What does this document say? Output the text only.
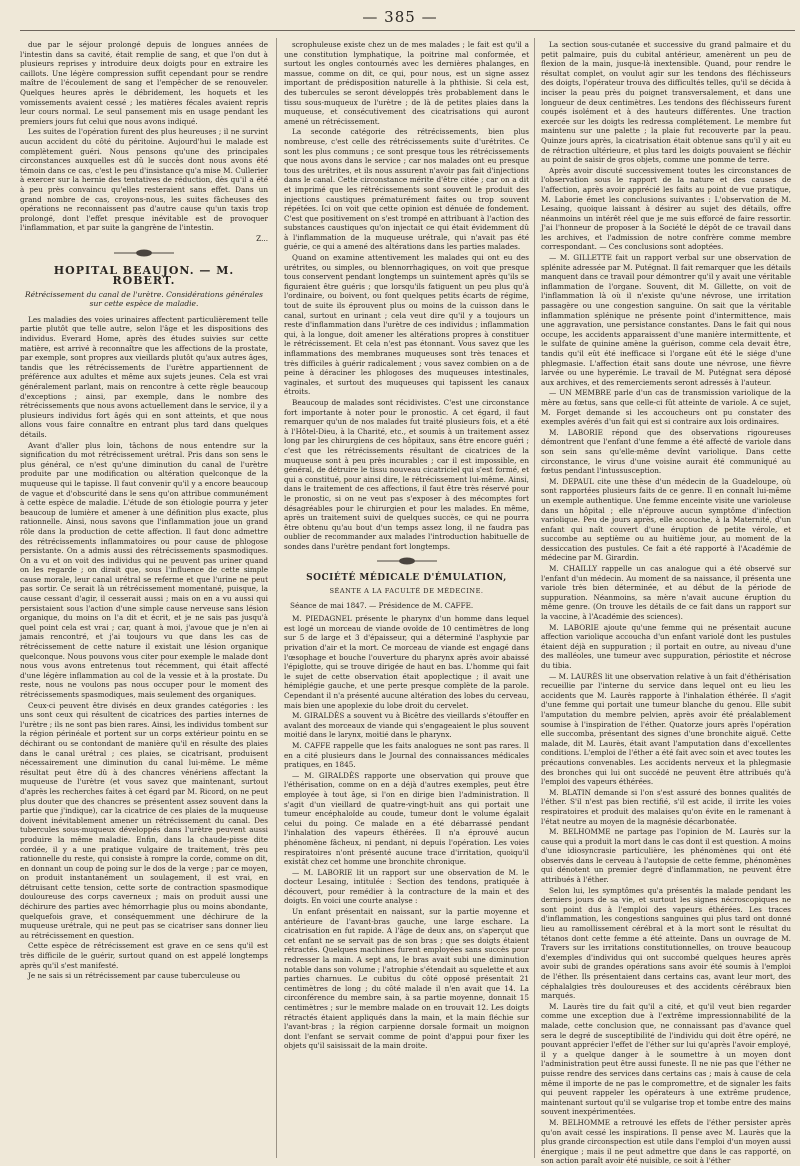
— 385 —

due par le séjour prolongé depuis de longues années de l'intestin dans sa cavité, était remplie de sang, et que l'on dut à plusieurs reprises y introduire deux doigts pour en extraire les caillots. Une légère compression suffit cependant pour se rendre maître de l'écoulement de sang et l'empêcher de se renouveler. Quelques heures après le débridement, les hoquets et les vomissements avaient cessé ; les matières fécales avaient repris leur cours normal. Le seul pansement mis en usage pendant les premiers jours fut celui que nous avons indiqué.

Les suites de l'opération furent des plus heureuses ; il ne survint aucun accident du côté du péritoine. Aujourd'hui le malade est complètement guéri. Nous pensons qu'une des principales circonstances auxquelles est dû le succès dont nous avons été témoin dans ce cas, c'est le peu d'insistance qu'a mise M. Cullerier à exercer sur la hernie des tentatives de réduction, dès qu'il a été à peu près convaincu qu'elles resteraient sans effet. Dans un grand nombre de cas, croyons-nous, les suites fâcheuses des opérations ne reconnaissent pas d'autre cause qu'un taxis trop prolongé, dont l'effet presque inévitable est de provoquer l'inflammation, et par suite la gangrène de l'intestin.

Z...

HOPITAL BEAUJON. — M. ROBERT.

Rétrécissement du canal de l'urètre. Considérations générales sur cette espèce de maladie.

Les maladies des voies urinaires affectent particulièrement telle partie plutôt que telle autre, selon l'âge et les dispositions des individus. Everard Home, après des études suivies sur cette matière, est arrivé à reconnaître que les affections de la prostate, par exemple, sont propres aux vieillards plutôt qu'aux autres âges, tandis que les rétrécissements de l'urètre appartiennent de préférence aux adultes et même aux sujets jeunes. Cela est vrai généralement parlant, mais on rencontre à cette règle beaucoup d'exceptions ; ainsi, par exemple, dans le nombre des rétrécissements que nous avons actuellement dans le service, il y a plusieurs individus fort âgés qui en sont atteints, et que nous allons vous faire connaître en entrant plus tard dans quelques détails.

Avant d'aller plus loin, tâchons de nous entendre sur la signification du mot rétrécissement urétral. Pris dans son sens le plus général, ce n'est qu'une diminution du canal de l'urètre produite par une modification ou altération quelconque de la muqueuse qui le tapisse. Il faut convenir qu'il y a encore beaucoup de vague et d'obscurité dans le sens qu'on attribue communément à cette espèce de maladie. L'étude de son étiologie pourra y jeter beaucoup de lumière et amener à une définition plus exacte, plus rationnelle. Ainsi, nous savons que l'inflammation joue un grand rôle dans la production de cette affection. Il faut donc admettre des rétrécissements inflammatoires ou pour cause de phlogose persistante. On a admis aussi des rétrécissements spasmodiques. On a vu et on voit des individus qui ne peuvent pas uriner quand on les regarde ; on dirait que, sous l'influence de cette simple cause morale, leur canal urétral se referme et que l'urine ne peut pas sortir. Ce serait là un rétrécissement momentané, puisque, la cause cessant d'agir, il cesserait aussi ; mais on en a vu aussi qui persistaient sous l'action d'une simple cause nerveuse sans lésion organique, du moins on l'a dit et écrit, et je ne sais pas jusqu'à quel point cela est vrai ; car, quant à moi, j'avoue que je n'en ai jamais rencontré, et j'ai toujours vu que dans les cas de rétrécissement de cette nature il existait une lésion organique quelconque. Nous pouvons vous citer pour exemple le malade dont nous vous avons entretenus tout récemment, qui était affecté d'une légère inflammation au col de la vessie et à la prostate. Du reste, nous ne voulons pas nous occuper pour le moment des rétrécissements spasmodiques, mais seulement des organiques.

Ceux-ci peuvent être divisés en deux grandes catégories : les uns sont ceux qui résultent de cicatrices des parties internes de l'urètre ; ils ne sont pas bien rares. Ainsi, les individus tombent sur la région périnéale et portent sur un corps extérieur pointu en se déchirant ou se contondant de manière qu'il en résulte des plaies dans le canal urétral ; ces plaies, se cicatrisant, produisent nécessairement une diminution du canal lui-même. Le même résultat peut être dû à des chancres vénériens affectant la muqueuse de l'urètre (et vous savez que maintenant, surtout d'après les recherches faites à cet égard par M. Ricord, on ne peut plus douter que des chancres se présentent assez souvent dans la partie que j'indique), car la cicatrice de ces plaies de la muqueuse doivent inévitablement amener un rétrécissement du canal. Des tubercules sous-muqueux développés dans l'urètre peuvent aussi produire la même maladie. Enfin, dans la chaude-pisse dite cordée, il y a une pratique vulgaire de traitement, très peu rationnelle du reste, qui consiste à rompre la corde, comme on dit, en donnant un coup de poing sur le dos de la verge ; par ce moyen, on produit instantanément un soulagement, il est vrai, en détruisant cette tension, cette sorte de contraction spasmodique douloureuse des corps caverneux ; mais on produit aussi une déchirure des parties avec hémorrhagie plus ou moins abondante, quelquefois grave, et conséquemment une déchirure de la muqueuse urétrale, qui ne peut pas se cicatriser sans donner lieu au rétrécissement en question.

Cette espèce de rétrécissement est grave en ce sens qu'il est très difficile de le guérir, surtout quand on est appelé longtemps après qu'il s'est manifesté.

Je ne sais si un rétrécissement par cause tuberculeuse ou

scrophuleuse existe chez un de mes malades ; le fait est qu'il a une constitution lymphatique, la poitrine mal conformée, et surtout les ongles contournés avec les dernières phalanges, en massue, comme on dit, ce qui, pour nous, est un signe assez important de prédisposition naturelle à la phthisie. Si cela est, des tubercules se seront développés très probablement dans le tissu sous-muqueux de l'urètre ; de là de petites plaies dans la muqueuse, et consécutivement des cicatrisations qui auront amené un rétrécissement.

La seconde catégorie des rétrécissements, bien plus nombreuse, c'est celle des rétrécissements suite d'urétrites. Ce sont les plus communs ; ce sont presque tous les rétrécissements que nous avons dans le service ; car nos malades ont eu presque tous des urétrites, et ils nous assurent n'avoir pas fait d'injections dans le canal. Cette circonstance mérite d'être citée ; car on a dit et imprimé que les rétrécissements sont souvent le produit des injections caustiques prématurément faites ou trop souvent répétées. Ici on voit que cette opinion est dénuée de fondement. C'est que positivement on s'est trompé en attribuant à l'action des substances caustiques qu'on injectait ce qui était évidemment dû à l'inflammation de la muqueuse urétrale, qui n'avait pas été guérie, ce qui a amené des altérations dans les parties malades.

Quand on examine attentivement les malades qui ont eu des urétrites, ou simples, ou blennorrhagiques, on voit que presque tous conservent pendant longtemps un suintement après qu'ils se figuraient être guéris ; que lorsqu'ils fatiguent un peu plus qu'à l'ordinaire, ou boivent, ou font quelques petits écarts de régime, tout de suite ils éprouvent plus ou moins de la cuisson dans le canal, surtout en urinant ; cela veut dire qu'il y a toujours un reste d'inflammation dans l'urètre de ces individus ; inflammation qui, à la longue, doit amener les altérations propres à constituer le rétrécissement. Et cela n'est pas étonnant. Vous savez que les inflammations des membranes muqueuses sont très tenaces et très difficiles à guérir radicalement ; vous savez combien on a de peine à déraciner les phlogoses des muqueuses intestinales, vaginales, et surtout des muqueuses qui tapissent les canaux étroits.

Beaucoup de malades sont récidivistes. C'est une circonstance fort importante à noter pour le pronostic. A cet égard, il faut remarquer qu'un de nos malades fut traité plusieurs fois, et a été à l'Hôtel-Dieu, à la Charité, etc., et soumis à un traitement assez long par les chirurgiens de ces hôpitaux, sans être encore guéri ; c'est que les rétrécissements résultant de cicatrices de la muqueuse sont à peu près incurables ; car il est impossible, en général, de détruire le tissu nouveau cicatriciel qui s'est formé, et qui a constitué, pour ainsi dire, le rétrécissement lui-même. Ainsi, dans le traitement de ces affections, il faut être très réservé pour le pronostic, si on ne veut pas s'exposer à des mécomptes fort désagréables pour le chirurgien et pour les malades. En même, après un traitement suivi de quelques succès, ce qui ne pourra être obtenu qu'au bout d'un temps assez long, il ne faudra pas oublier de recommander aux malades l'introduction habituelle de sondes dans l'urètre pendant fort longtemps.

SOCIÉTÉ MÉDICALE D'ÉMULATION,

SÉANTE A LA FACULTÉ DE MÉDECINE.

Séance de mai 1847. — Présidence de M. CAFFE.

M. PIEDAGNEL présente le pharynx d'un homme dans lequel est logé un morceau de viande ovoïde de 10 centimètres de long sur 5 de large et 3 d'épaisseur, qui a déterminé l'asphyxie par privation d'air et la mort. Ce morceau de viande est engagé dans l'œsophage et bouche l'ouverture du pharynx après avoir abaissé l'épiglotte, qui se trouve dirigée de haut en bas. L'homme qui fait le sujet de cette observation était apoplectique ; il avait une hémiplégie gauche, et une perte presque complète de la parole. Cependant il n'a présenté aucune altération des lobes du cerveau, mais bien une apoplexie du lobe droit du cervelet.

M. GIRALDÈS a souvent vu à Bicêtre des vieillards s'étouffer en avalant des morceaux de viande qui s'engageaient le plus souvent moitié dans le larynx, moitié dans le pharynx.

M. CAFFE rappelle que les faits analogues ne sont pas rares. Il en a cité plusieurs dans le Journal des connaissances médicales pratiques, en 1845.

— M. GIRALDÈS rapporte une observation qui prouve que l'éthérisation, comme on en a déjà d'autres exemples, peut être employée à tout âge, si l'on en dirige bien l'administration. Il s'agit d'un vieillard de quatre-vingt-huit ans qui portait une tumeur encéphaloïde au coude, tumeur dont le volume égalait celui du poing. Ce malade en a été débarrassé pendant l'inhalation des vapeurs éthérées. Il n'a éprouvé aucun phénomène fâcheux, ni pendant, ni depuis l'opération. Les voies respiratoires n'ont présenté aucune trace d'irritation, quoiqu'il existât chez cet homme une bronchite chronique.

— M. LABORIE lit un rapport sur une observation de M. le docteur Lesaing, intitulée : Section des tendons, pratiquée à découvert, pour remédier à la contracture de la main et des doigts. En voici une courte analyse :

Un enfant présentait en naissant, sur la partie moyenne et antérieure de l'avant-bras gauche, une large eschare. La cicatrisation en fut rapide. A l'âge de deux ans, on s'aperçut que cet enfant ne se servait pas de son bras ; que ses doigts étaient rétractés. Quelques machines furent employées sans succès pour redresser la main. A sept ans, le bras avait subi une diminution notable dans son volume ; l'atrophie s'étendait au squelette et aux parties charnues. Le cubitus du côté opposé présentait 21 centimètres de long ; du côté malade il n'en avait que 14. La circonférence du membre sain, à sa partie moyenne, donnait 15 centimètres ; sur le membre malade on en trouvait 12. Les doigts rétractés étaient appliqués dans la main, et la main fléchie sur l'avant-bras ; la région carpienne dorsale formait un moignon dont l'enfant se servait comme de point d'appui pour fixer les objets qu'il saisissait de la main droite.

La section sous-cutanée et successive du grand palmaire et du petit palmaire, puis du cubital antérieur, amenèrent un peu de flexion de la main, jusque-là inextensible. Quand, pour rendre le résultat complet, on voulut agir sur les tendons des fléchisseurs des doigts, l'opérateur trouva des difficultés telles, qu'il se décida à inciser la peau près du poignet transversalement, et dans une longueur de deux centimètres. Les tendons des fléchisseurs furent coupés isolément et à des hauteurs différentes. Une traction exercée sur les doigts les redressa complétement. Le membre fut maintenu sur une palette ; la plaie fut recouverte par la peau. Quinze jours après, la cicatrisation était obtenue sans qu'il y ait eu de rétraction ultérieure, et plus tard les doigts pouvaient se fléchir au point de saisir de gros objets, comme une pomme de terre.

Après avoir discuté successivement toutes les circonstances de l'observation sous le rapport de la nature et des causes de l'affection, après avoir apprécié les faits au point de vue pratique, M. Laborie émet les conclusions suivantes : L'observation de M. Lesaing, quoique laissant à désirer au sujet des détails, offre néanmoins un intérêt réel que je me suis efforcé de faire ressortir. J'ai l'honneur de proposer à la Société le dépôt de ce travail dans les archives, et l'admission de notre confrère comme membre correspondant. — Ces conclusions sont adoptées.

— M. GILLETTE fait un rapport verbal sur une observation de splénite adressée par M. Putégnat. Il fait remarquer que les détails manquent dans ce travail pour démontrer qu'il y avait une véritable inflammation de l'organe. Souvent, dit M. Gillette, on voit de l'inflammation là où il n'existe qu'une névrose, une irritation passagère ou une congestion sanguine. On sait que la véritable inflammation splénique ne présente point d'intermittence, mais une aggravation, une persistance constantes. Dans le fait qui nous occupe, les accidents apparaissent d'une manière intermittente, et le sulfate de quinine amène la guérison, comme cela devait être, tandis qu'il eût été inefficace si l'organe eût été le siége d'une phlegmasie. L'affection était sans doute une névrose, une fièvre larvée ou une hyperémie. Le travail de M. Putégnat sera déposé aux archives, et des remerciements seront adressés à l'auteur.

— UN MEMBRE parle d'un cas de transmission variolique de la mère au fœtus, sans que celle-ci fût atteinte de variole. A ce sujet, M. Forget demande si les accoucheurs ont pu constater des exemples avérés d'un fait qui est si contraire aux lois ordinaires.

M. LABORIE répond que des observations rigoureuses démontrent que l'enfant d'une femme a été affecté de variole dans son sein sans qu'elle-même devînt variolique. Dans cette circonstance, le virus d'une voisine aurait été communiqué au fœtus pendant l'intussusception.

M. DEPAUL cite une thèse d'un médecin de la Guadeloupe, où sont rapportées plusieurs faits de ce genre. Il en connaît lui-même un exemple authentique. Une femme enceinte visite une varioleuse dans un hôpital ; elle n'éprouve aucun symptôme d'infection variolique. Peu de jours après, elle accouche, à la Maternité, d'un enfant qui naît couvert d'une éruption de petite vérole, et succombe au septième ou au huitième jour, au moment de la dessiccation des pustules. Ce fait a été rapporté à l'Académie de médecine par M. Girardin.

M. CHAILLY rappelle un cas analogue qui a été observé sur l'enfant d'un médecin. Au moment de sa naissance, il présenta une variole très bien déterminée, et au début de la période de suppuration. Néanmoins, sa mère n'avait aucune éruption du même genre. (On trouve les détails de ce fait dans un rapport sur la vaccine, à l'Académie des sciences).

M. LABORIE ajoute qu'une femme qui ne présentait aucune affection variolique accoucha d'un enfant variolé dont les pustules étaient déjà en suppuration ; il portait en outre, au niveau d'une des malléoles, une tumeur avec suppuration, périostite et nécrose du tibia.

— M. LAURÈS lit une observation relative à un fait d'éthérisation recueillie par l'interne du service dans lequel ont eu lieu les accidents que M. Laurès rapporte à l'inhalation éthérée. Il s'agit d'une femme qui portait une tumeur blanche du genou. Elle subit l'amputation du membre pelvien, après avoir été préalablement soumise à l'inspiration de l'éther. Quatorze jours après l'opération elle succomba, présentant des signes d'une bronchite aiguë. Cette malade, dit M. Laurès, était avant l'amputation dans d'excellentes conditions. L'emploi de l'éther a été fait avec soin et avec toutes les précautions convenables. Les accidents nerveux et la phlegmasie des bronches qui lui ont succédé ne peuvent être attribués qu'à l'emploi des vapeurs éthérées.

M. BLATIN demande si l'on s'est assuré des bonnes qualités de l'éther. S'il n'est pas bien rectifié, s'il est acide, il irrite les voies respiratoires et produit des malaises qu'on évite en le ramenant à l'état neutre au moyen de la magnésie décarbonatée.

M. BELHOMME ne partage pas l'opinion de M. Laurès sur la cause qui a produit la mort dans le cas dont il est question. A moins d'une idiosyncrasie particulière, les phénomènes qui ont été observés dans le cerveau à l'autopsie de cette femme, phénomènes qui dénotent un premier degré d'inflammation, ne peuvent être attribués à l'éther.

Selon lui, les symptômes qu'a présentés la malade pendant les derniers jours de sa vie, et surtout les signes nécroscopiques ne sont point dus à l'emploi des vapeurs éthérées. Les traces d'inflammation, les congestions sanguines qui plus tard ont donné lieu au ramollissement cérébral et à la mort sont le résultat du tétanos dont cette femme a été atteinte. Dans un ouvrage de M. Travers sur les irritations constitutionnelles, on trouve beaucoup d'exemples d'individus qui ont succombé quelques heures après avoir subi de grandes opérations sans avoir été soumis à l'emploi de l'éther. Ils présentaient dans certains cas, avant leur mort, des céphalalgies très douloureuses et des accidents cérébraux bien marqués.

M. Laurès tire du fait qu'il a cité, et qu'il veut bien regarder comme une exception due à l'extrême impressionnabilité de la malade, cette conclusion que, ne connaissant pas d'avance quel sera le degré de susceptibilité de l'individu qui doit être opéré, ne pouvant apprécier l'effet de l'éther sur lui qu'après l'avoir employé, il y a quelque danger à le soumettre à un moyen dont l'administration peut être aussi funeste. Il ne nie pas que l'éther ne puisse rendre des services dans certains cas ; mais à cause de cela même il importe de ne pas le compromettre, et de signaler les faits qui peuvent rappeler les opérateurs à une extrême prudence, maintenant surtout qu'il se vulgarise trop et tombe entre des mains souvent inexpérimentées.

M. BELHOMME a retrouvé les effets de l'éther persister après qu'on avait cessé les inspirations. Il pense avec M. Laurès que la plus grande circonspection est utile dans l'emploi d'un moyen aussi énergique ; mais il ne peut admettre que dans le cas rapporté, on son action paraît avoir été nuisible, ce soit à l'éther
